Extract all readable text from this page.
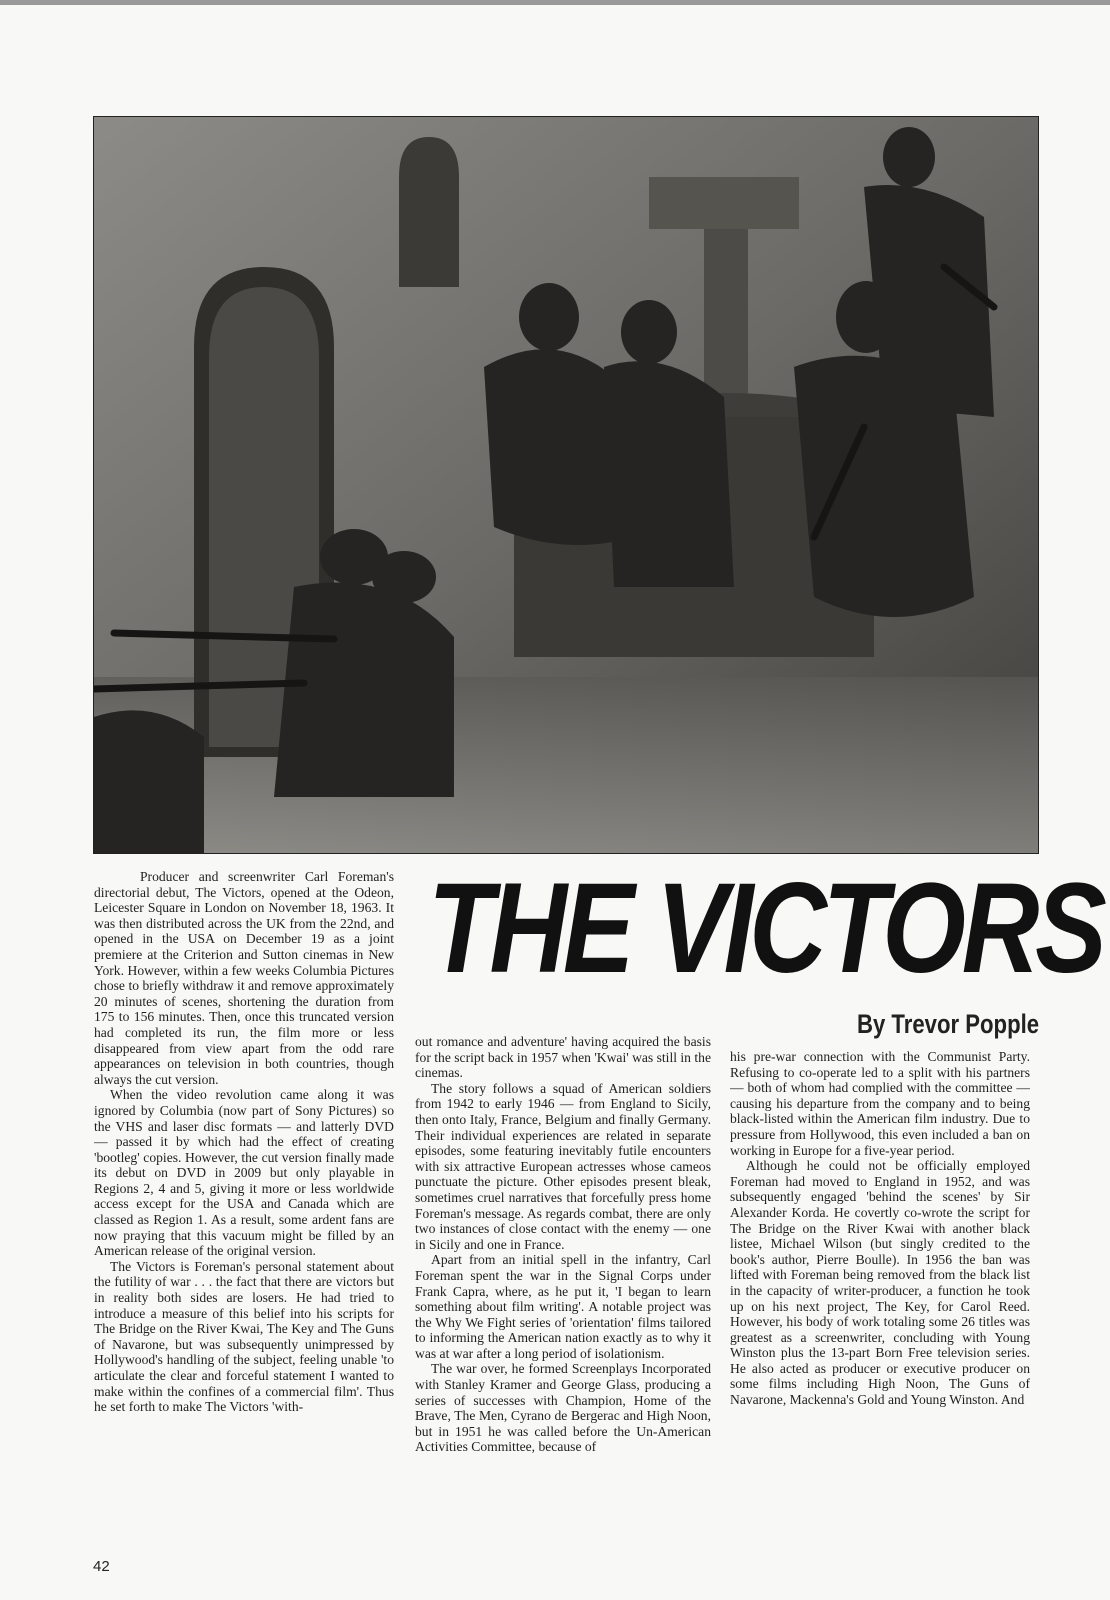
THE VICTORS
By Trevor Popple

Producer and screenwriter Carl Foreman's directorial debut, The Victors, opened at the Odeon, Leicester Square in London on November 18, 1963. It was then distributed across the UK from the 22nd, and opened in the USA on December 19 as a joint premiere at the Criterion and Sutton cinemas in New York. However, within a few weeks Columbia Pictures chose to briefly withdraw it and remove approximately 20 minutes of scenes, shortening the duration from 175 to 156 minutes. Then, once this truncated version had completed its run, the film more or less disappeared from view apart from the odd rare appearances on television in both countries, though always the cut version.

When the video revolution came along it was ignored by Columbia (now part of Sony Pictures) so the VHS and laser disc formats — and latterly DVD — passed it by which had the effect of creating 'bootleg' copies. However, the cut version finally made its debut on DVD in 2009 but only playable in Regions 2, 4 and 5, giving it more or less worldwide access except for the USA and Canada which are classed as Region 1. As a result, some ardent fans are now praying that this vacuum might be filled by an American release of the original version.

The Victors is Foreman's personal statement about the futility of war . . . the fact that there are victors but in reality both sides are losers. He had tried to introduce a measure of this belief into his scripts for The Bridge on the River Kwai, The Key and The Guns of Navarone, but was subsequently unimpressed by Hollywood's handling of the subject, feeling unable 'to articulate the clear and forceful statement I wanted to make within the confines of a commercial film'. Thus he set forth to make The Victors 'with-

out romance and adventure' having acquired the basis for the script back in 1957 when 'Kwai' was still in the cinemas.

The story follows a squad of American soldiers from 1942 to early 1946 — from England to Sicily, then onto Italy, France, Belgium and finally Germany. Their individual experiences are related in separate episodes, some featuring inevitably futile encounters with six attractive European actresses whose cameos punctuate the picture. Other episodes present bleak, sometimes cruel narratives that forcefully press home Foreman's message. As regards combat, there are only two instances of close contact with the enemy — one in Sicily and one in France.

Apart from an initial spell in the infantry, Carl Foreman spent the war in the Signal Corps under Frank Capra, where, as he put it, 'I began to learn something about film writing'. A notable project was the Why We Fight series of 'orientation' films tailored to informing the American nation exactly as to why it was at war after a long period of isolationism.

The war over, he formed Screenplays Incorporated with Stanley Kramer and George Glass, producing a series of successes with Champion, Home of the Brave, The Men, Cyrano de Bergerac and High Noon, but in 1951 he was called before the Un-American Activities Committee, because of

his pre-war connection with the Communist Party. Refusing to co-operate led to a split with his partners — both of whom had complied with the committee — causing his departure from the company and to being black-listed within the American film industry. Due to pressure from Hollywood, this even included a ban on working in Europe for a five-year period.

Although he could not be officially employed Foreman had moved to England in 1952, and was subsequently engaged 'behind the scenes' by Sir Alexander Korda. He covertly co-wrote the script for The Bridge on the River Kwai with another black listee, Michael Wilson (but singly credited to the book's author, Pierre Boulle). In 1956 the ban was lifted with Foreman being removed from the black list in the capacity of writer-producer, a function he took up on his next project, The Key, for Carol Reed. However, his body of work totaling some 26 titles was greatest as a screenwriter, concluding with Young Winston plus the 13-part Born Free television series. He also acted as producer or executive producer on some films including High Noon, The Guns of Navarone, Mackenna's Gold and Young Winston. And

42
